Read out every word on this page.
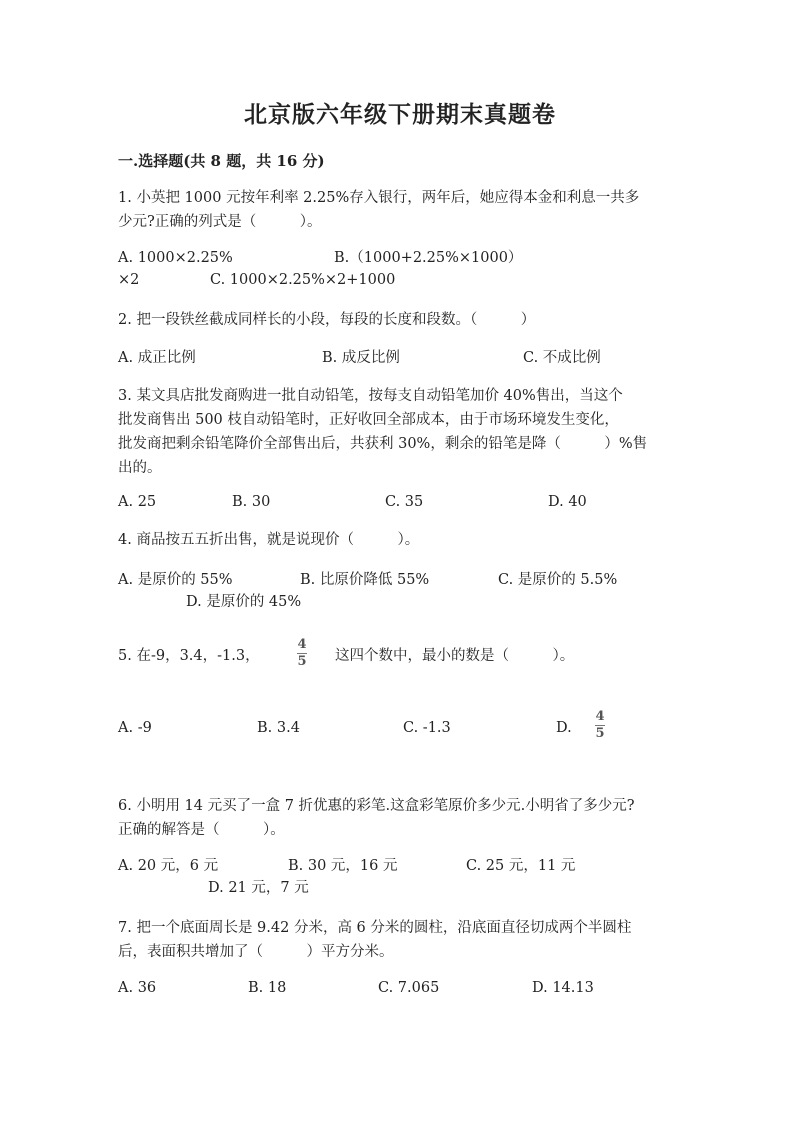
北京版六年级下册期末真题卷
一.选择题(共 8 题，共 16 分)
1. 小英把 1000 元按年利率 2.25%存入银行，两年后，她应得本金和利息一共多
少元?正确的列式是（　　　）。
A. 1000×2.25%	B.（1000+2.25%×1000）
×2	C. 1000×2.25%×2+1000
2. 把一段铁丝截成同样长的小段，每段的长度和段数。（　　　）
A. 成正比例	B. 成反比例	C. 不成比例
3. 某文具店批发商购进一批自动铅笔，按每支自动铅笔加价 40%售出，当这个
批发商售出 500 枝自动铅笔时，正好收回全部成本，由于市场环境发生变化，
批发商把剩余铅笔降价全部售出后，共获利 30%，剩余的铅笔是降（　　　）%售
出的。
A. 25	B. 30	C. 35	D. 40
4. 商品按五五折出售，就是说现价（　　　）。
A. 是原价的 55%	B. 比原价降低 55%	C. 是原价的 5.5%
D. 是原价的 45%
5. 在-9，3.4，-1.3，
4
5 这四个数中，最小的数是（　　　）。
A. -9	B. 3.4	C. -1.3	D.
4
5
6. 小明用 14 元买了一盒 7 折优惠的彩笔.这盒彩笔原价多少元.小明省了多少元?
正确的解答是（　　　）。
A. 20 元，6 元	B. 30 元，16 元	C. 25 元，11 元
D. 21 元，7 元
7. 把一个底面周长是 9.42 分米，高 6 分米的圆柱，沿底面直径切成两个半圆柱
后，表面积共增加了（　　　）平方分米。
A. 36	B. 18	C. 7.065	D. 14.13
